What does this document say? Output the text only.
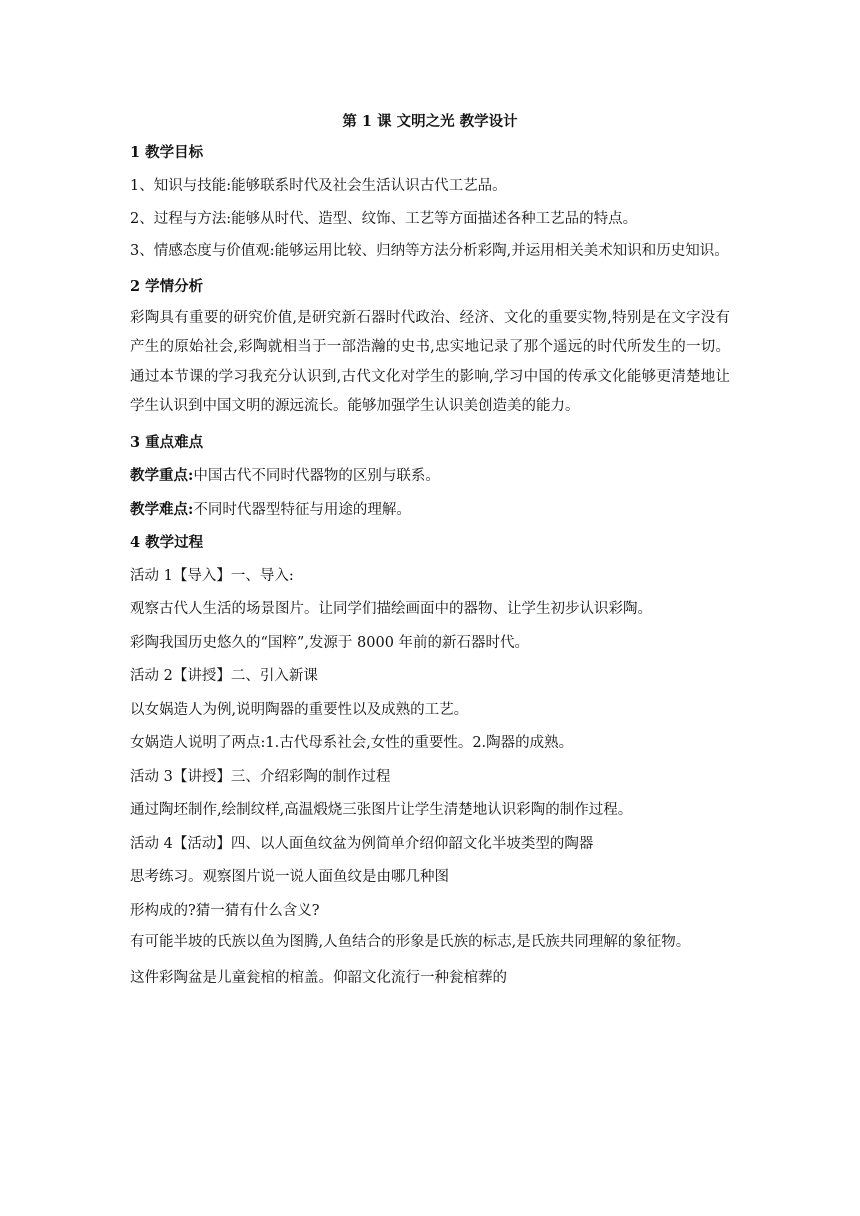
第 1 课 文明之光 教学设计

1 教学目标

1、知识与技能:能够联系时代及社会生活认识古代工艺品。

2、过程与方法:能够从时代、造型、纹饰、工艺等方面描述各种工艺品的特点。

3、情感态度与价值观:能够运用比较、归纳等方法分析彩陶,并运用相关美术知识和历史知识。

2 学情分析

彩陶具有重要的研究价值,是研究新石器时代政治、经济、文化的重要实物,特别是在文字没有产生的原始社会,彩陶就相当于一部浩瀚的史书,忠实地记录了那个遥远的时代所发生的一切。通过本节课的学习我充分认识到,古代文化对学生的影响,学习中国的传承文化能够更清楚地让学生认识到中国文明的源远流长。能够加强学生认识美创造美的能力。

3 重点难点

教学重点:中国古代不同时代器物的区别与联系。

教学难点:不同时代器型特征与用途的理解。

4 教学过程

活动 1【导入】一、导入:

观察古代人生活的场景图片。让同学们描绘画面中的器物、让学生初步认识彩陶。

彩陶我国历史悠久的“国粹”,发源于 8000 年前的新石器时代。

活动 2【讲授】二、引入新课

以女娲造人为例,说明陶器的重要性以及成熟的工艺。

女娲造人说明了两点:1.古代母系社会,女性的重要性。2.陶器的成熟。

活动 3【讲授】三、介绍彩陶的制作过程

通过陶坯制作,绘制纹样,高温煅烧三张图片让学生清楚地认识彩陶的制作过程。

活动 4【活动】四、以人面鱼纹盆为例简单介绍仰韶文化半坡类型的陶器

思考练习。观察图片说一说人面鱼纹是由哪几种图

形构成的?猜一猜有什么含义?

有可能半坡的氏族以鱼为图腾,人鱼结合的形象是氏族的标志,是氏族共同理解的象征物。

这件彩陶盆是儿童瓮棺的棺盖。仰韶文化流行一种瓮棺葬的
